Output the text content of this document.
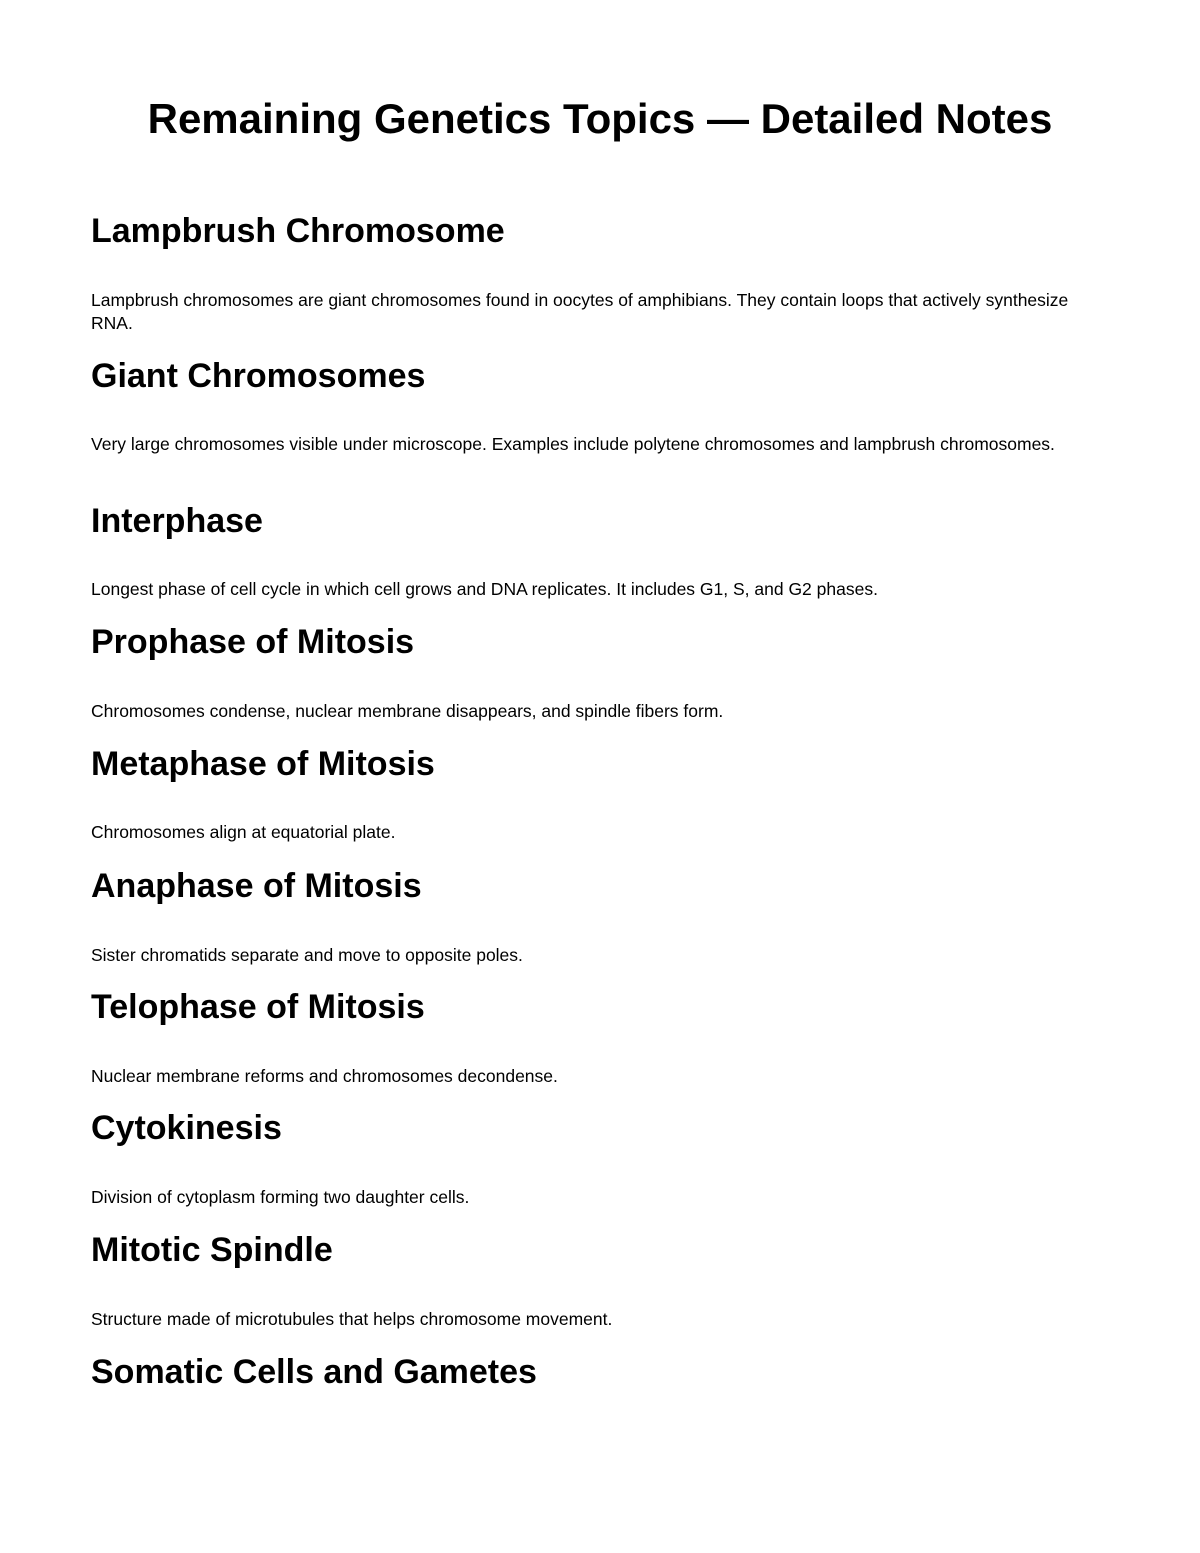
Remaining Genetics Topics — Detailed Notes
Lampbrush Chromosome

Lampbrush chromosomes are giant chromosomes found in oocytes of amphibians. They contain loops that actively synthesize RNA.

Giant Chromosomes

Very large chromosomes visible under microscope. Examples include polytene chromosomes and lampbrush chromosomes.

Interphase

Longest phase of cell cycle in which cell grows and DNA replicates. It includes G1, S, and G2 phases.

Prophase of Mitosis

Chromosomes condense, nuclear membrane disappears, and spindle fibers form.

Metaphase of Mitosis

Chromosomes align at equatorial plate.

Anaphase of Mitosis

Sister chromatids separate and move to opposite poles.

Telophase of Mitosis

Nuclear membrane reforms and chromosomes decondense.

Cytokinesis

Division of cytoplasm forming two daughter cells.

Mitotic Spindle

Structure made of microtubules that helps chromosome movement.

Somatic Cells and Gametes
